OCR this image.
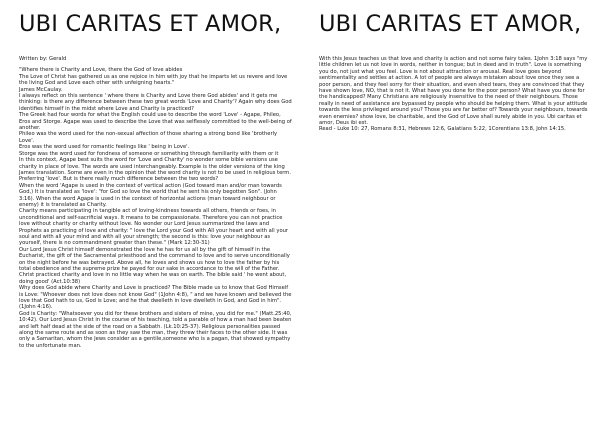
UBI CARITAS ET AMOR,
Written by: Gerald

"Where there is Charity and Love, there the God of love abides

The Love of Christ has gathered us as one rejoice in him with joy that he imparts let us revere and love the living God and Love each other with unfeigning hearts."

James McCaulay.

I always reflect on this sentence ' where there is Charity and Love there God abides' and it gets me thinking: is there any difference between these two great words 'Love and Charity'? Again why does God identifies himself in the midst where Love and Charity is practiced?

The Greek had four words for what the English could use to describe the word 'Love' - Agape, Phileo, Eros and Storge. Agape was used to describe the Love that was selflessly committed to the well-being of another.

Phileo was the word used for the non-sexual affection of those sharing a strong bond like 'brotherly Love'.

Eros was the word used for romantic feelings like ' being in Love'.

Storge was the word used for fondness of someone or something through familiarity with them or it

In this context, Agape best suits the word for 'Love and Charity' no wonder some bible versions use charity in place of love. The words are used interchangeably. Example is the older versions of the king James translation. Some are even in the opinion that the word charity is not to be used in religious term. Preferring 'love'. But is there really much difference between the two words?

When the word 'Agape is used in the context of vertical action (God toward man and/or man towards God,) It is translated as 'love': "for God so love the world that he sent his only begotten Son". (John 3:16). When the word Agape is used in the context of horizontal actions (man toward neighbour or enemy) it is translated as Charity.

Charity means participating in tangible act of loving-kindness towards all others, friends or foes, in unconditional and self-sacrificial ways. It means to be compassionate. Therefore you can not practice love without charity or charity without love. No wonder our Lord Jesus summarized the laws and Prophets as practicing of love and charity: " love the Lord your God with All your heart and with all your soul and with all your mind and with all your strength; the second is this: love your neighbour as yourself, there is no commandment greater than these." (Mark 12:30-31)

Our Lord Jesus Christ himself demonstrated the love he has for us all by the gift of himself in the Eucharist, the gift of the Sacramental priesthood and the command to love and to serve unconditionally on the night before he was betrayed. Above all, he loves and shows us how to love the father by his total obedience and the supreme prize he payed for our sake in accordance to the will of the Father. Christ practiced charity and love in no little way when he was on earth. The bible said ' he went about, doing good' (Act.10:38)

Why does God abide where Charity and Love is practiced? The Bible made us to know that God Himself is Love: "Whoever does not love does not know God" (1John 4:8), " and we have known and believed the love that God hath to us, God is Love; and he that dwelleth in love dwelleth in God, and God in him". (1John 4:16).

God is Charity: "Whatsoever you did for these brothers and sisters of mine, you did for me." (Matt.25:40, 10:42). Our Lord Jesus Christ in the course of his teaching, told a parable of how a man had been beaten and left half dead at the side of the road on a Sabbath. (Lk.10:25-37). Religious personalities passed along the same route and as soon as they saw the man, they threw their faces to the other side. It was only a Samaritan, whom the Jews consider as a gentile,someone who is a pagan, that showed sympathy to the unfortunate man.

UBI CARITAS ET AMOR,

With this Jesus teaches us that love and charity is action and not some fairy tales. 1John 3:18 says "my little children let us not love in words, neither in tongue; but in deed and in truth". Love is something you do, not just what you feel. Love is not about attraction or arousal. Real love goes beyond sentimentality and settles at action. A lot of people are always mistaken about love once they see a poor person, and they feel sorry for their situation, and even shed tears, they are convinced that they have shown love, NO, that is not it. What have you done for the poor person? What have you done for the handicapped? Many Christians are religiously insensitive to the need of their neighbours. Those really in need of assistance are bypassed by people who should be helping them. What is your attitude towards the less privileged around you? Those you are far better of? Towards your neighbours, towards even enemies? show love, be charitable, and the God of Love shall surely abide in you. Ubi caritas et amor, Deus ibi est.

Read - Luke 10: 27, Romans 8:31, Hebrews 12:6, Galatians 5:22, 1Corentians 13:8, John 14:15.
